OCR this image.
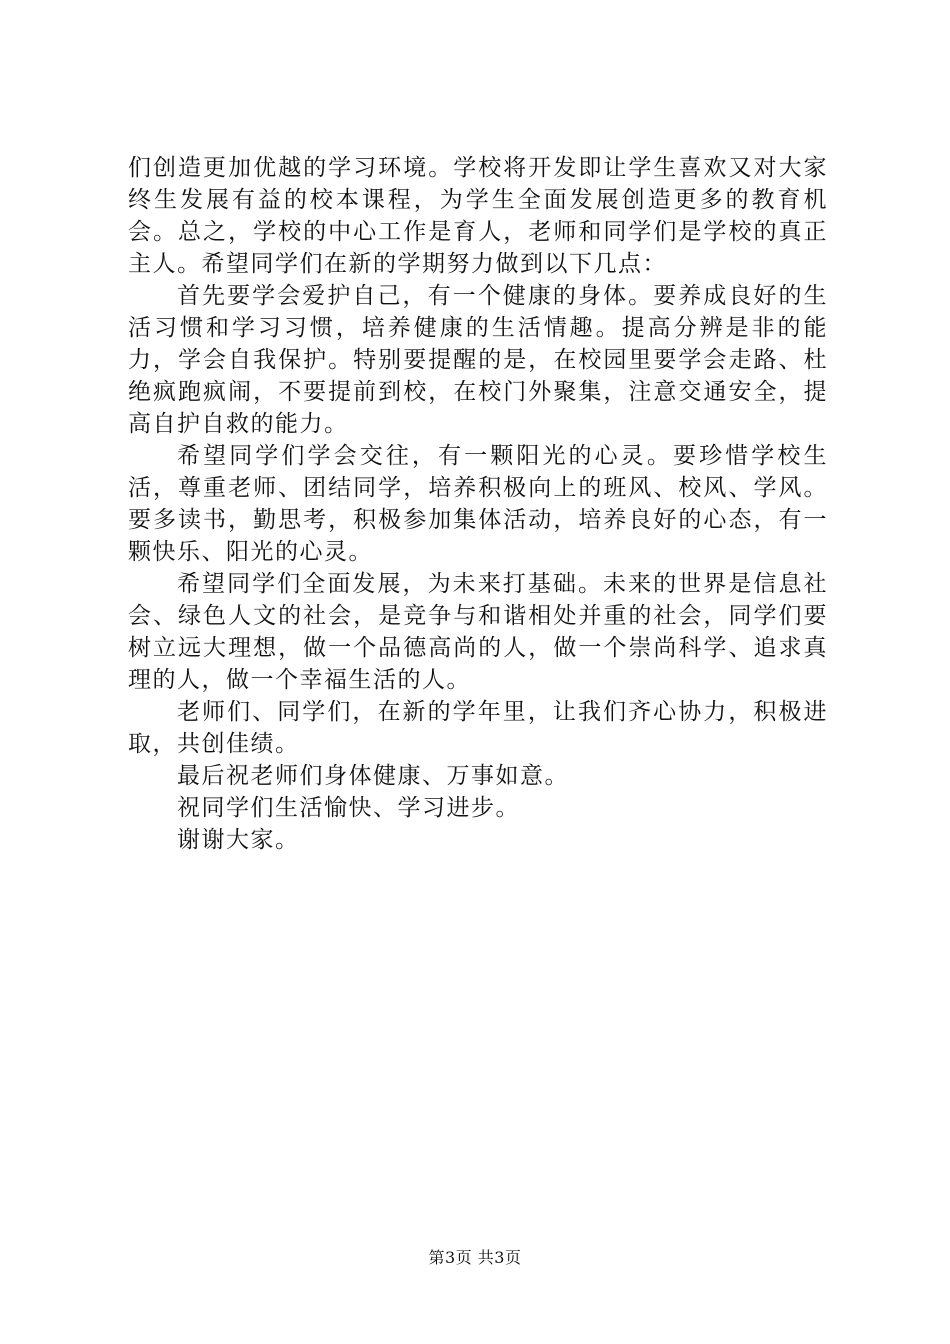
们创造更加优越的学习环境。学校将开发即让学生喜欢又对大家终生发展有益的校本课程，为学生全面发展创造更多的教育机会。总之，学校的中心工作是育人，老师和同学们是学校的真正主人。希望同学们在新的学期努力做到以下几点：

首先要学会爱护自己，有一个健康的身体。要养成良好的生活习惯和学习习惯，培养健康的生活情趣。提高分辨是非的能力，学会自我保护。特别要提醒的是，在校园里要学会走路、杜绝疯跑疯闹，不要提前到校，在校门外聚集，注意交通安全，提高自护自救的能力。

希望同学们学会交往，有一颗阳光的心灵。要珍惜学校生活，尊重老师、团结同学，培养积极向上的班风、校风、学风。要多读书，勤思考，积极参加集体活动，培养良好的心态，有一颗快乐、阳光的心灵。

希望同学们全面发展，为未来打基础。未来的世界是信息社会、绿色人文的社会，是竞争与和谐相处并重的社会，同学们要树立远大理想，做一个品德高尚的人，做一个崇尚科学、追求真理的人，做一个幸福生活的人。

老师们、同学们，在新的学年里，让我们齐心协力，积极进取，共创佳绩。

最后祝老师们身体健康、万事如意。

祝同学们生活愉快、学习进步。

谢谢大家。

第3页 共3页
